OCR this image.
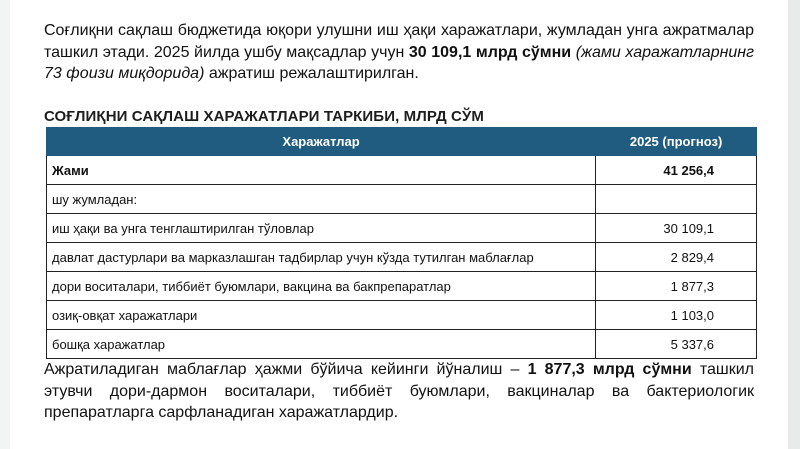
Соғлиқни сақлаш бюджетида юқори улушни иш ҳақи харажатлари, жумладан унга ажратмалар ташкил этади. 2025 йилда ушбу мақсадлар учун 30 109,1 млрд сўмни (жами харажатларнинг 73 фоизи миқдорида) ажратиш режалаштирилган.

СОҒЛИҚНИ САҚЛАШ ХАРАЖАТЛАРИ ТАРКИБИ, МЛРД СЎМ
Харажатлар	2025 (прогноз)
Жами	41 256,4
шу жумладан:	
иш ҳақи ва унга тенглаштирилган тўловлар	30 109,1
давлат дастурлари ва марказлашган тадбирлар учун кўзда тутилган маблағлар	2 829,4
дори воситалари, тиббиёт буюмлари, вакцина ва бакпрепаратлар	1 877,3
озиқ-овқат харажатлари	1 103,0
бошқа харажатлар	5 337,6

Ажратиладиган маблағлар ҳажми бўйича кейинги йўналиш – 1 877,3 млрд сўмни ташкил этувчи дори-дармон воситалари, тиббиёт буюмлари, вакциналар ва бактериологик препаратларга сарфланадиган харажатлардир.
